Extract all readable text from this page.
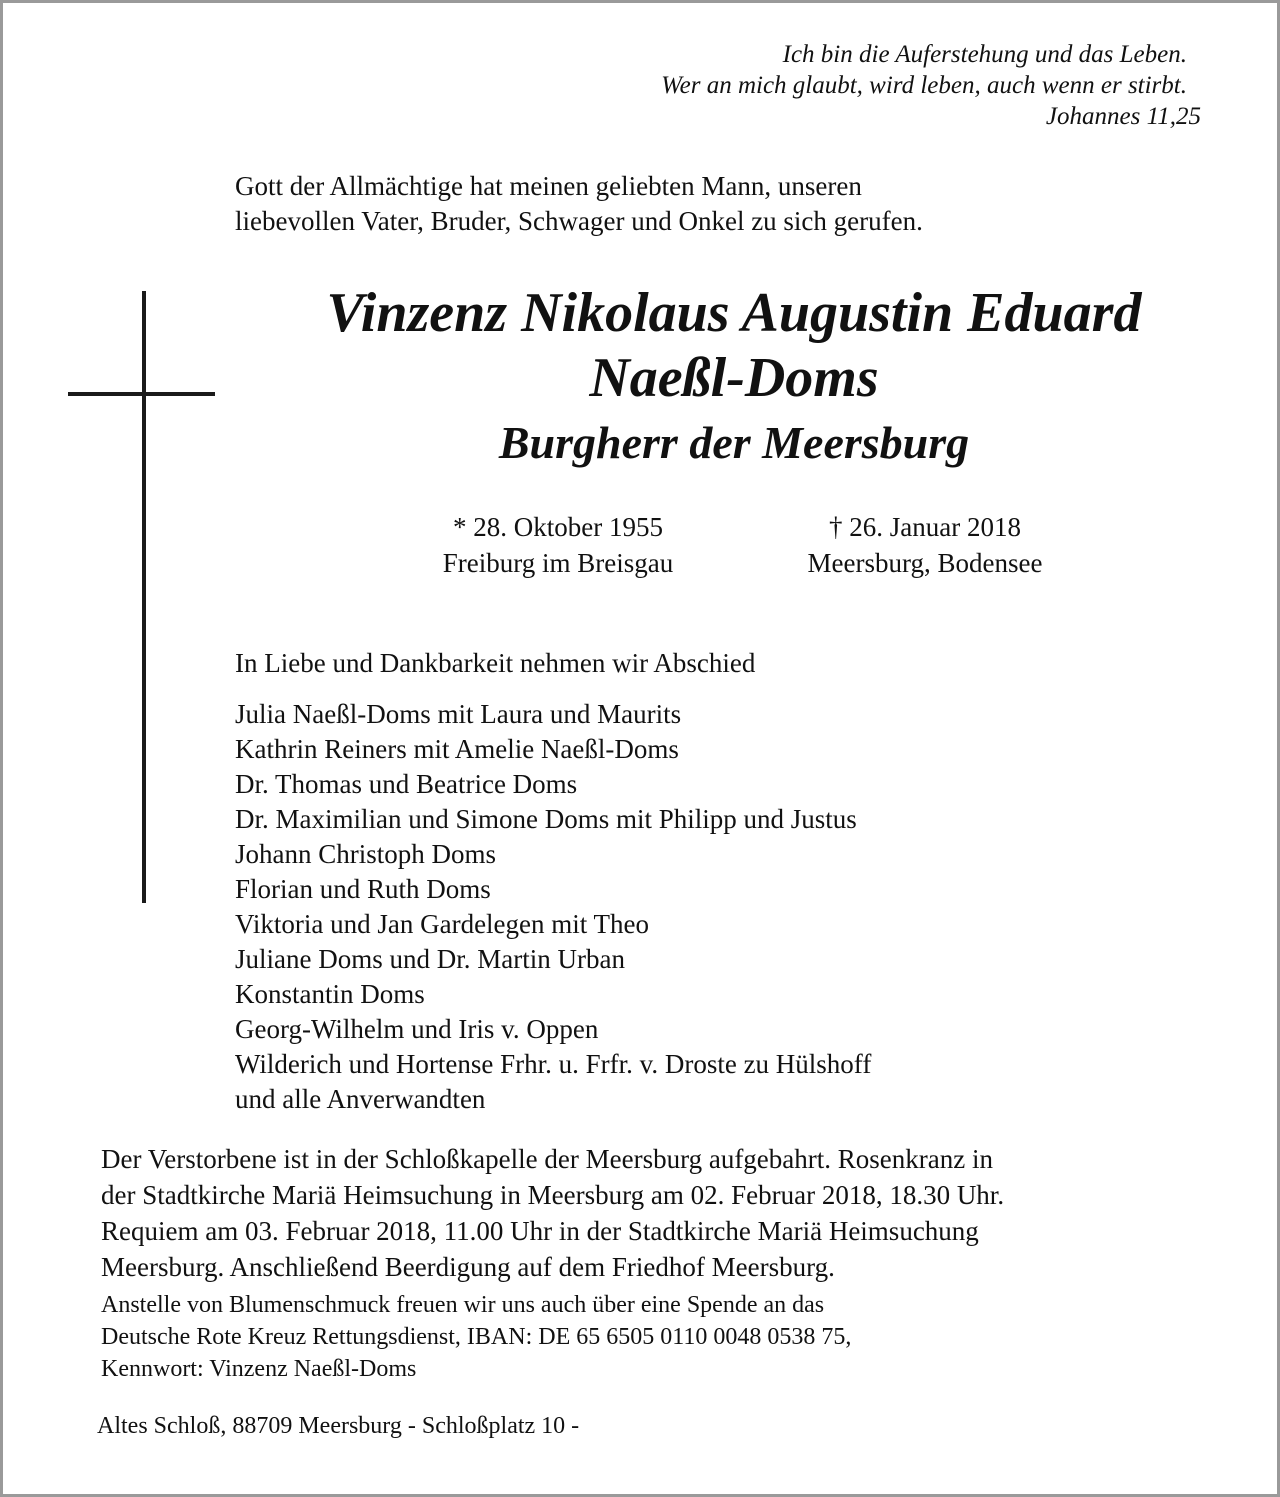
Ich bin die Auferstehung und das Leben.
Wer an mich glaubt, wird leben, auch wenn er stirbt.
Johannes 11,25
Gott der Allmächtige hat meinen geliebten Mann, unseren
liebevollen Vater, Bruder, Schwager und Onkel zu sich gerufen.
Vinzenz Nikolaus Augustin Eduard
Naeßl-Doms
Burgherr der Meersburg
* 28. Oktober 1955
Freiburg im Breisgau
† 26. Januar 2018
Meersburg, Bodensee
In Liebe und Dankbarkeit nehmen wir Abschied
Julia Naeßl-Doms mit Laura und Maurits
Kathrin Reiners mit Amelie Naeßl-Doms
Dr. Thomas und Beatrice Doms
Dr. Maximilian und Simone Doms mit Philipp und Justus
Johann Christoph Doms
Florian und Ruth Doms
Viktoria und Jan Gardelegen mit Theo
Juliane Doms und Dr. Martin Urban
Konstantin Doms
Georg-Wilhelm und Iris v. Oppen
Wilderich und Hortense Frhr. u. Frfr. v. Droste zu Hülshoff
und alle Anverwandten
Der Verstorbene ist in der Schloßkapelle der Meersburg aufgebahrt. Rosenkranz in
der Stadtkirche Mariä Heimsuchung in Meersburg am 02. Februar 2018, 18.30 Uhr.
Requiem am 03. Februar 2018, 11.00 Uhr in der Stadtkirche Mariä Heimsuchung
Meersburg. Anschließend Beerdigung auf dem Friedhof Meersburg.
Anstelle von Blumenschmuck freuen wir uns auch über eine Spende an das
Deutsche Rote Kreuz Rettungsdienst, IBAN: DE 65 6505 0110 0048 0538 75,
Kennwort: Vinzenz Naeßl-Doms
Altes Schloß, 88709 Meersburg - Schloßplatz 10 -
